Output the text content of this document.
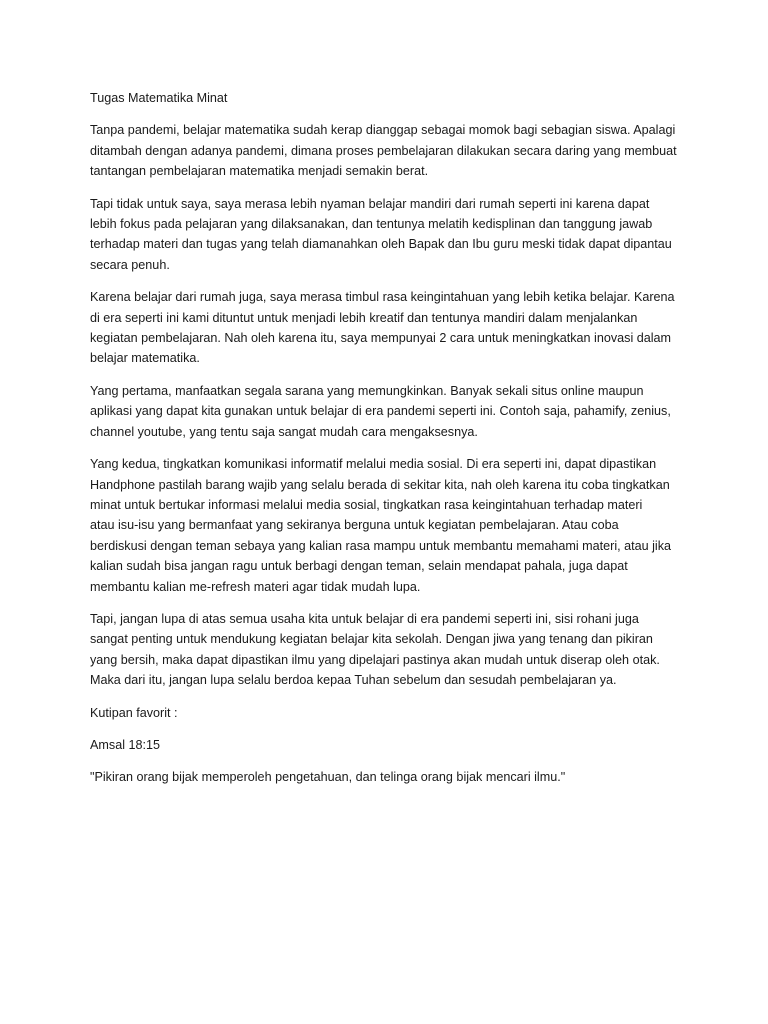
Tugas Matematika Minat

Tanpa pandemi, belajar matematika sudah kerap dianggap sebagai momok bagi sebagian siswa. Apalagi
ditambah dengan adanya pandemi, dimana proses pembelajaran dilakukan secara daring yang membuat
tantangan pembelajaran matematika menjadi semakin berat.
Tapi tidak untuk saya, saya merasa lebih nyaman belajar mandiri dari rumah seperti ini karena dapat
lebih fokus pada pelajaran yang dilaksanakan, dan tentunya melatih kedisplinan dan tanggung jawab
terhadap materi dan tugas yang telah diamanahkan oleh Bapak dan Ibu guru meski tidak dapat dipantau
secara penuh.
Karena belajar dari rumah juga, saya merasa timbul rasa keingintahuan yang lebih ketika belajar. Karena
di era seperti ini kami dituntut untuk menjadi lebih kreatif dan tentunya mandiri dalam menjalankan
kegiatan pembelajaran. Nah oleh karena itu, saya mempunyai 2 cara untuk meningkatkan inovasi dalam
belajar matematika.
Yang pertama, manfaatkan segala sarana yang memungkinkan. Banyak sekali situs online maupun
aplikasi yang dapat kita gunakan untuk belajar di era pandemi seperti ini. Contoh saja, pahamify, zenius,
channel youtube, yang tentu saja sangat mudah cara mengaksesnya.
Yang kedua, tingkatkan komunikasi informatif melalui media sosial. Di era seperti ini, dapat dipastikan
Handphone pastilah barang wajib yang selalu berada di sekitar kita, nah oleh karena itu coba tingkatkan
minat untuk bertukar informasi melalui media sosial, tingkatkan rasa keingintahuan terhadap materi
atau isu-isu yang bermanfaat yang sekiranya berguna untuk kegiatan pembelajaran. Atau coba
berdiskusi dengan teman sebaya yang kalian rasa mampu untuk membantu memahami materi, atau jika
kalian sudah bisa jangan ragu untuk berbagi dengan teman, selain mendapat pahala, juga dapat
membantu kalian me-refresh materi agar tidak mudah lupa.
Tapi, jangan lupa di atas semua usaha kita untuk belajar di era pandemi seperti ini, sisi rohani juga
sangat penting untuk mendukung kegiatan belajar kita sekolah. Dengan jiwa yang tenang dan pikiran
yang bersih, maka dapat dipastikan ilmu yang dipelajari pastinya akan mudah untuk diserap oleh otak.
Maka dari itu, jangan lupa selalu berdoa kepaa Tuhan sebelum dan sesudah pembelajaran ya.
Kutipan favorit :
Amsal 18:15
"Pikiran orang bijak memperoleh pengetahuan, dan telinga orang bijak mencari ilmu."
